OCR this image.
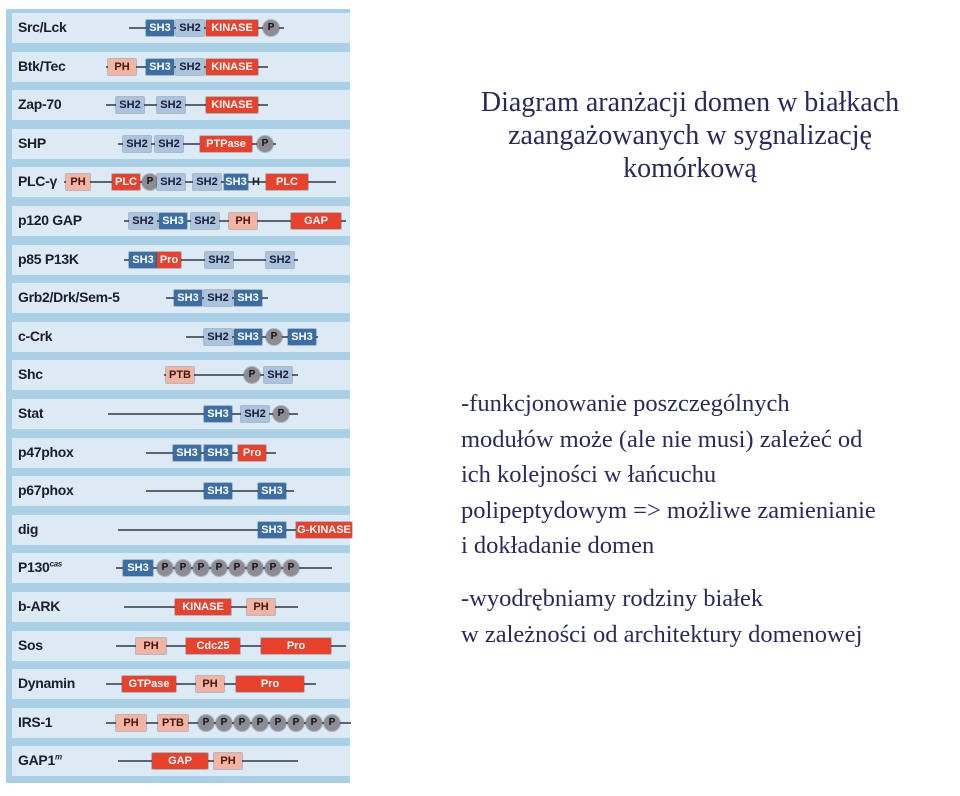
Src/Lck	SH3 SH2 KINASE	P
Btk/Tec	PH	SH3 SH2 KINASE
Zap-70	SH2 SH2	KINASE
SHP	SH2 SH2	PTPase	P
PLC-γ	PH	PLC P SH2 SH2 SH3 H	PLC
p120 GAP	SH2 SH3 SH2	PH	GAP
p85 P13K	SH3 Pro	SH2	SH2
Grb2/Drk/Sem-5	SH3 SH2 SH3
c-Crk	SH2 SH3	P	SH3
Shc	PTB	P	SH2
Stat	SH3 SH2	P
p47phox	SH3 SH3	Pro
p67phox	SH3	SH3
dig	SH3 G-KINASE
$P130^{cas}$	SH3	P	P	P	P	P	P	P	P
b-ARK	KINASE	PH
Sos	PH	Cdc25	Pro
Dynamin	GTPase	PH	Pro
IRS-1	PH	PTB	P	P	P	P	P	P	P	P
GAP1$^m$	GAP	PH
Diagram aranżacji domen w białkach
zaangażowanych w sygnalizację
komórkową
-funkcjonowanie poszczególnych
modułów może (ale nie musi) zależeć od
ich kolejności w łańcuchu
polipeptydowym => możliwe zamienianie
i dokładanie domen
-wyodrębniamy rodziny białek
w zależności od architektury domenowej
